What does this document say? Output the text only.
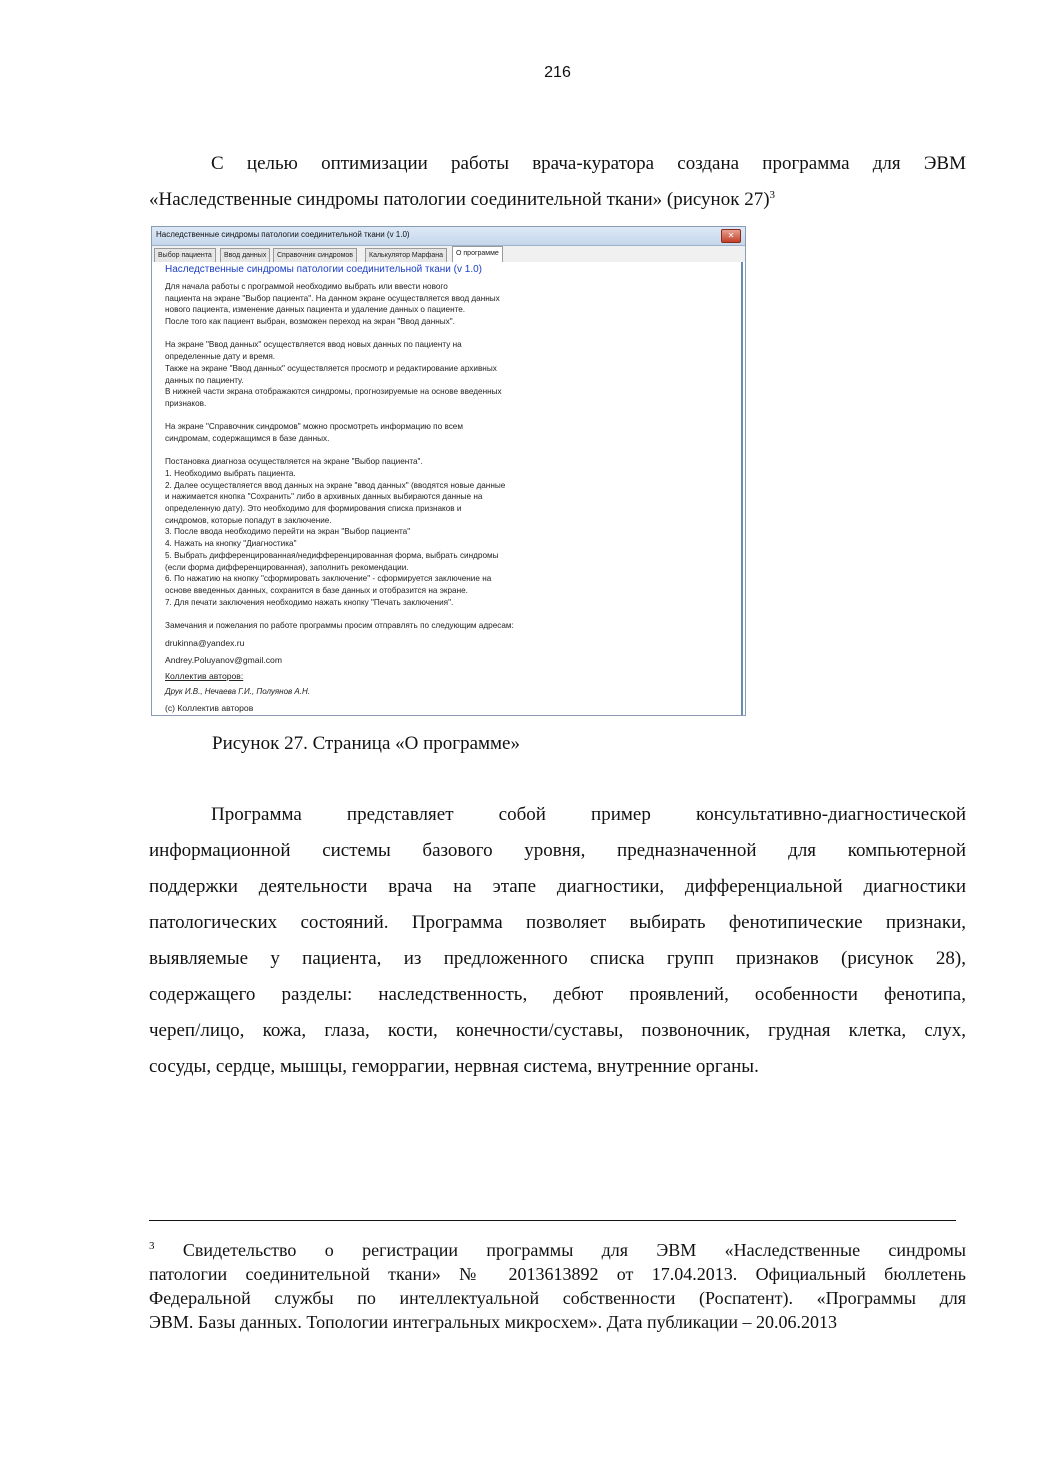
216
С целью оптимизации работы врача-куратора создана программа для ЭВМ
«Наследственные синдромы патологии соединительной ткани» (рисунок 27)$^3$
Наследственные синдромы патологии соединительной ткани (v 1.0)	✕
Выбор пациента	Ввод данных	Справочник синдромов	Калькулятор Марфана	О программе
Наследственные синдромы патологии соединительной ткани (v 1.0)
Для начала работы с программой необходимо выбрать или ввести нового
пациента на экране "Выбор пациента". На данном экране осуществляется ввод данных
нового пациента, изменение данных пациента и удаление данных о пациенте.
После того как пациент выбран, возможен переход на экран "Ввод данных".
На экране "Ввод данных" осуществляется ввод новых данных по пациенту на
определенные дату и время.
Также на экране "Ввод данных" осуществляется просмотр и редактирование архивных
данных по пациенту.
В нижней части экрана отображаются синдромы, прогнозируемые на основе введенных
признаков.
На экране "Справочник синдромов" можно просмотреть информацию по всем
синдромам, содержащимся в базе данных.
Постановка диагноза осуществляется на экране "Выбор пациента".
1. Необходимо выбрать пациента.
2. Далее осуществляется ввод данных на экране "ввод данных" (вводятся новые данные
и нажимается кнопка "Сохранить" либо в архивных данных выбираются данные на
определенную дату). Это необходимо для формирования списка признаков и
синдромов, которые попадут в заключение.
3. После ввода необходимо перейти на экран "Выбор пациента"
4. Нажать на кнопку "Диагностика"
5. Выбрать дифференцированная/недифференцированная форма, выбрать синдромы
(если форма дифференцированная), заполнить рекомендации.
6. По нажатию на кнопку "сформировать заключение" - сформируется заключение на
основе введенных данных, сохранится в базе данных и отобразится на экране.
7. Для печати заключения необходимо нажать кнопку "Печать заключения".
Замечания и пожелания по работе программы просим отправлять по следующим адресам:
drukinna@yandex.ru
Andrey.Poluyanov@gmail.com
Коллектив авторов:
Друк И.В., Нечаева Г.И., Полуянов А.Н.
(с) Коллектив авторов
Рисунок 27. Страница «О программе»
Программа представляет собой пример консультативно-диагностической
информационной системы базового уровня, предназначенной для компьютерной
поддержки деятельности врача на этапе диагностики, дифференциальной диагностики
патологических состояний. Программа позволяет выбирать фенотипические признаки,
выявляемые у пациента, из предложенного списка групп признаков (рисунок 28),
содержащего разделы: наследственность, дебют проявлений, особенности фенотипа,
череп/лицо, кожа, глаза, кости, конечности/суставы, позвоночник, грудная клетка, слух,
сосуды, сердце, мышцы, геморрагии, нервная система, внутренние органы.
$^3$ Свидетельство о регистрации программы для ЭВМ «Наследственные синдромы
патологии соединительной ткани» № 2013613892 от 17.04.2013. Официальный бюллетень
Федеральной службы по интеллектуальной собственности (Роспатент). «Программы для
ЭВМ. Базы данных. Топологии интегральных микросхем». Дата публикации – 20.06.2013
